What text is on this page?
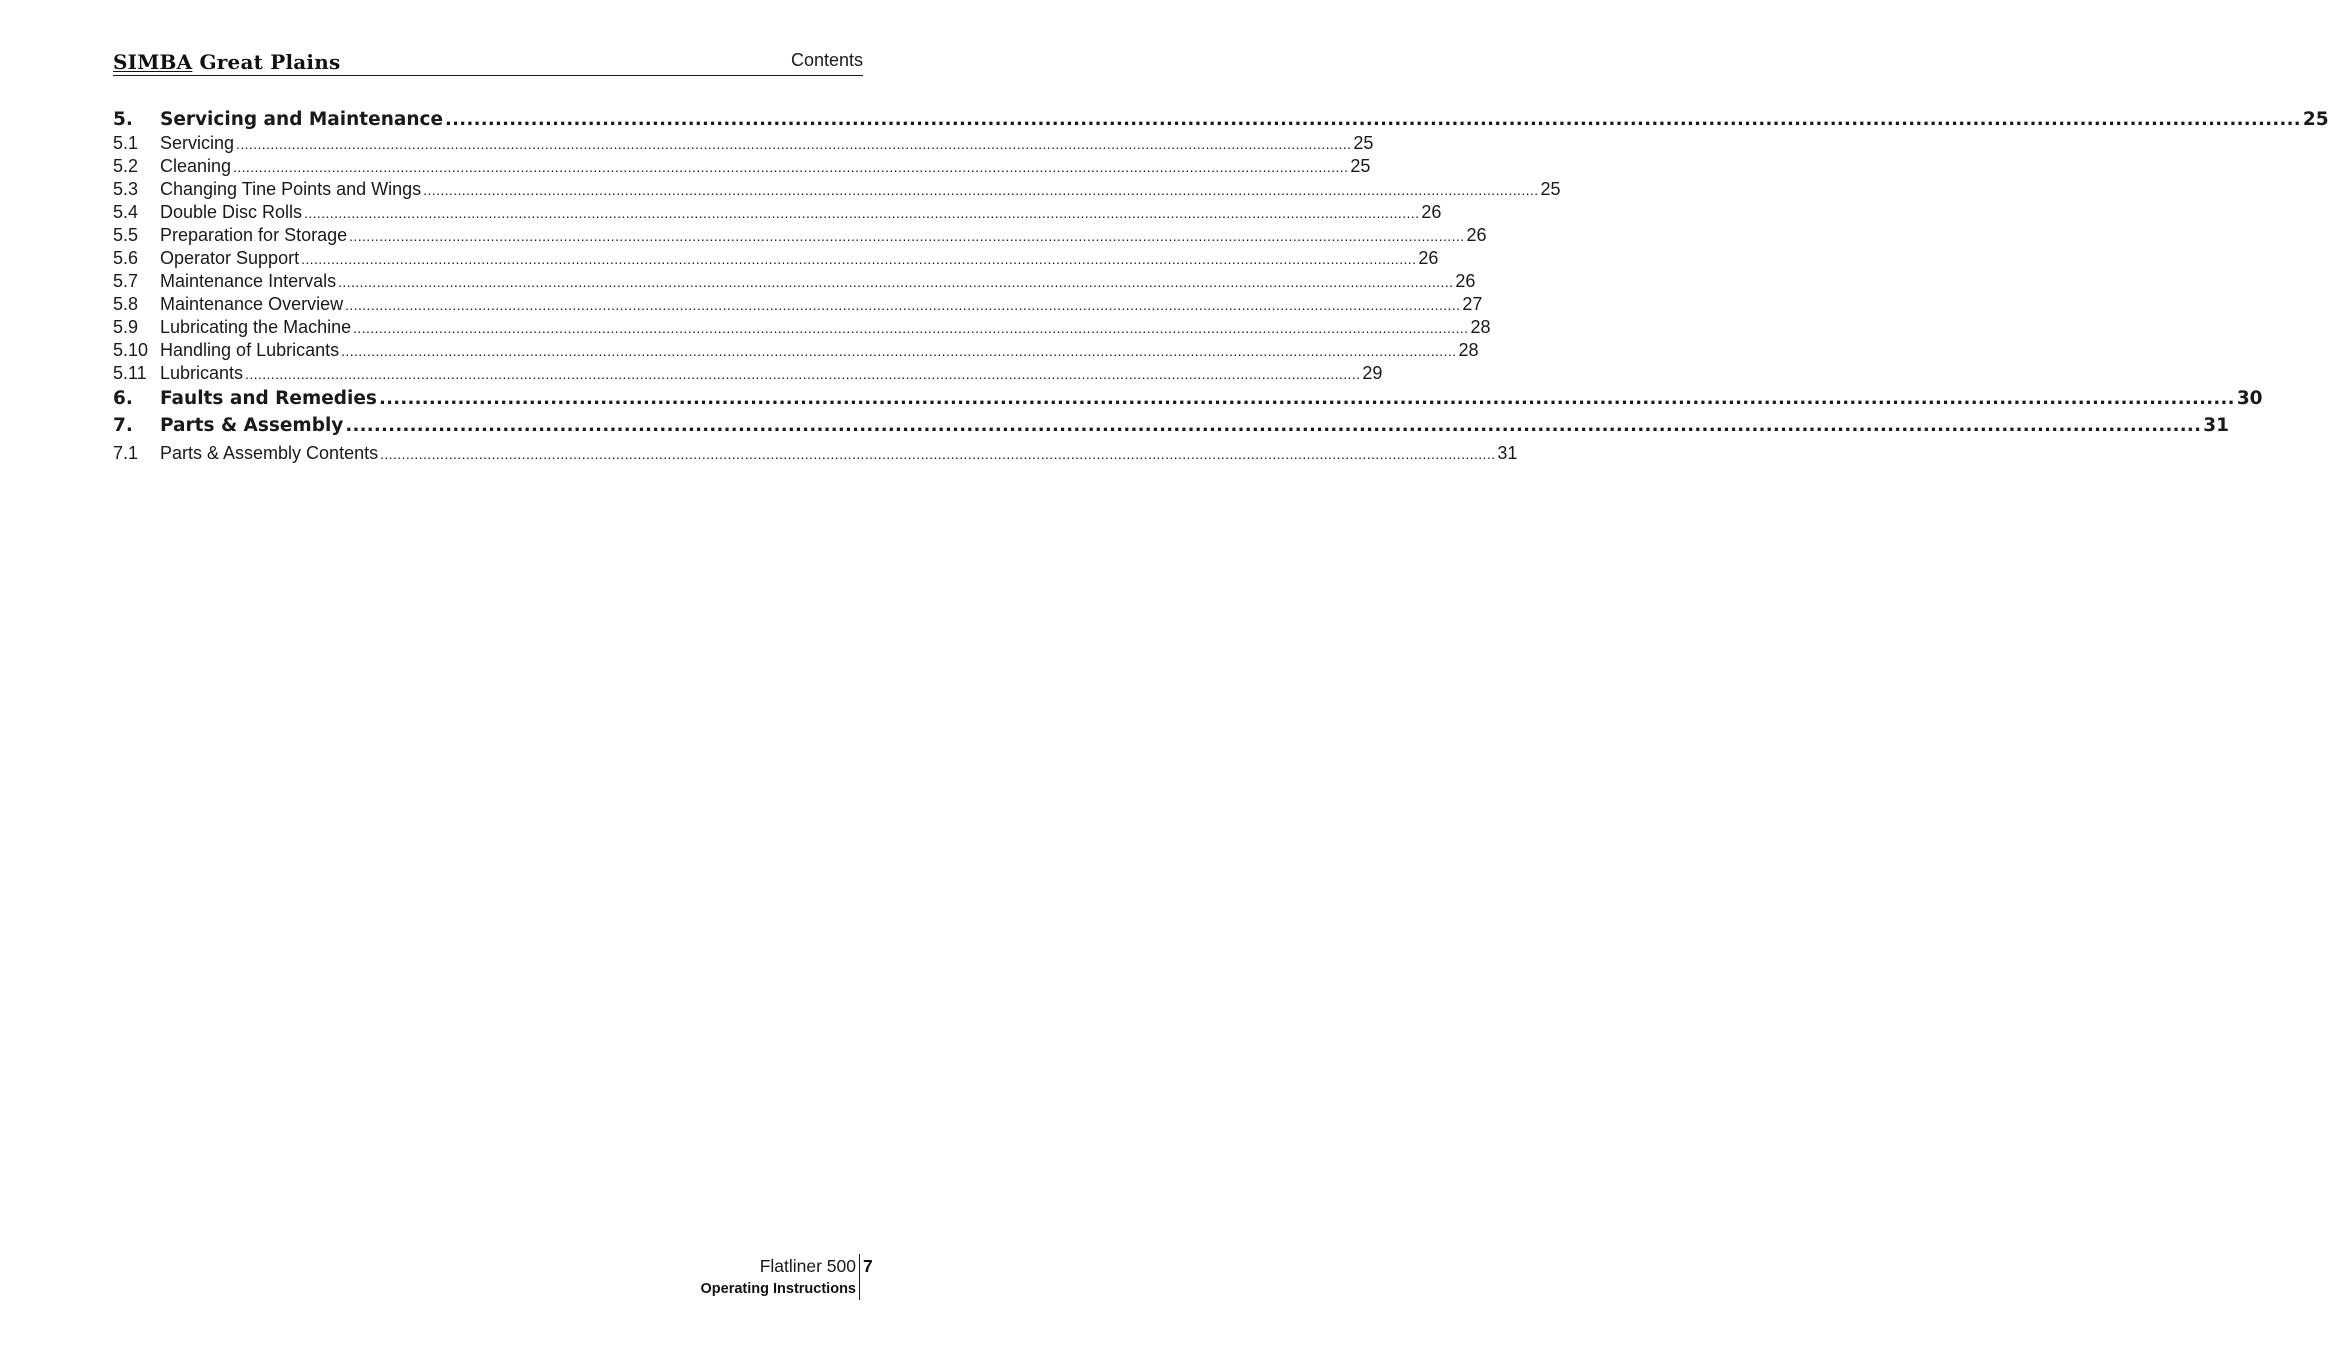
SIMBA Great Plains	Contents
5.	Servicing and Maintenance .................................................................................................................................................................................................................................................................... 25
5.1	Servicing .................................................................................................................................................................................................................................................................... 25
5.2	Cleaning .................................................................................................................................................................................................................................................................... 25
5.3	Changing Tine Points and Wings .................................................................................................................................................................................................................................................................... 25
5.4	Double Disc Rolls .................................................................................................................................................................................................................................................................... 26
5.5	Preparation for Storage .................................................................................................................................................................................................................................................................... 26
5.6	Operator Support .................................................................................................................................................................................................................................................................... 26
5.7	Maintenance Intervals .................................................................................................................................................................................................................................................................... 26
5.8	Maintenance Overview .................................................................................................................................................................................................................................................................... 27
5.9	Lubricating the Machine .................................................................................................................................................................................................................................................................... 28
5.10 Handling of Lubricants .................................................................................................................................................................................................................................................................... 28
5.11 Lubricants .................................................................................................................................................................................................................................................................... 29
6.	Faults and Remedies .................................................................................................................................................................................................................................................................... 30
7.	Parts & Assembly .................................................................................................................................................................................................................................................................... 31
7.1	Parts & Assembly Contents .................................................................................................................................................................................................................................................................... 31
Flatliner 500
Operating Instructions
7
